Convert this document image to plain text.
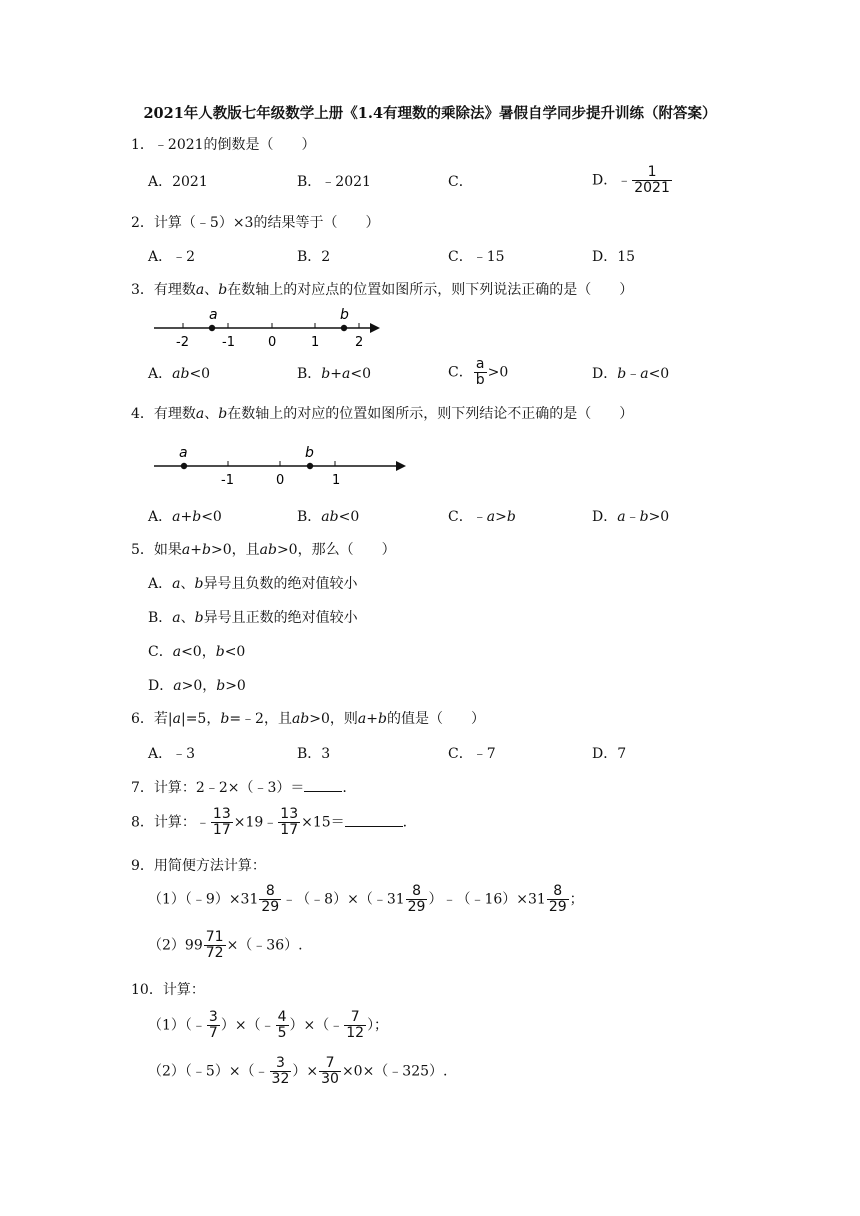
2021年人教版七年级数学上册《1.4有理数的乘除法》暑假自学同步提升训练（附答案）
1．﹣2021的倒数是（　　）
A．2021	B．﹣2021	C．	D．﹣ $\frac{1}{2021}$
2．计算（﹣5）×3的结果等于（　　）
A．﹣2	B．2	C．﹣15	D．15
3．有理数a、b在数轴上的对应点的位置如图所示，则下列说法正确的是（　　）
a	b
-2	-1	0	1	2
A．ab<0	B．b+a<0	C． $\frac{a}{b} >0$	D．b﹣a<0
4．有理数a、b在数轴上的对应的位置如图所示，则下列结论不正确的是（　　）
a	b
-1	0	1
A．a+b<0	B．ab<0	C．﹣a>b	D．a﹣b>0
5．如果a+b>0，且ab>0，那么（　　）
A．a、b异号且负数的绝对值较小
B．a、b异号且正数的绝对值较小
C．a<0，b<0
D．a>0，b>0
6．若|a|=5，b=﹣2，且ab>0，则a+b的值是（　　）
A．﹣3	B．3	C．﹣7	D．7
7．计算：2﹣2×（﹣3）＝	.
8．计算：﹣ $\frac{13}{17}$ ×19﹣ $\frac{13}{17} \times 15=$	.
9．用简便方法计算：
（1）（﹣9）×31 $\frac{8}{29}$ ﹣（﹣8）×（﹣31 $\frac{8}{29}$ ）﹣（﹣16）×31 $\frac{8}{29}$ ；
$(2)99 \frac{71}{72}$ ×（﹣36）.
10．计算：
（1）（﹣ $\frac{3}{7}$ ）×（﹣ $\frac{4}{5}$ ）×（﹣ $\frac{7}{12}$ ）；
（2）（﹣5）×（﹣ $\frac{3}{32}$ ）× $\frac{7}{30}$ ×0×（﹣325）.
